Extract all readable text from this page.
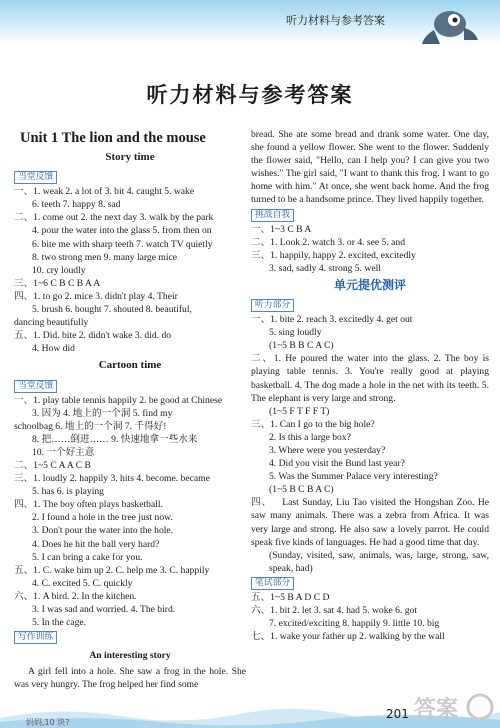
听力材料与参考答案
听力材料与参考答案
Unit 1 The lion and the mouse
Story time
当堂反馈
一、1. weak 2. a lot of 3. bit 4. caught 5. wake
6. teeth 7. happy 8. sad
二、1. come out 2. the next day 3. walk by the park
4. pour the water into the glass 5. from then on
6. bite me with sharp teeth 7. watch TV quietly
8. two strong men 9. many large mice
10. cry loudly
三、1~6 C B C B A A
四、1. to go 2. mice 3. didn't play 4. Their
5. brush 6. bought 7. shouted 8. beautiful,
dancing beautifully
五、1. Did. bite 2. didn't wake 3. did. do
4. How did
Cartoon time
当堂反馈
一、1. play table tennis happily 2. be good at Chinese
3. 因为 4. 地上的一个洞 5. find my
schoolbag 6. 地上的一个洞 7. 千得好!
8. 把……倒进…… 9. 快速地拿一些水来
10. 一个好主意
二、1~5 C A A C B
三、1. loudly 2. happily 3. hits 4. become. became
5. has 6. is playing
四、1. The boy often plays basketball.
2. I found a hole in the tree just now.
3. Don't pour the water into the hole.
4. Does he hit the ball very hard?
5. I can bring a cake for you.
五、1. C. wake him up 2. C. help me 3. C. happily
4. C. excited 5. C. quickly
六、1. A bird. 2. In the kitchen.
3. I was sad and worried. 4. The bird.
5. In the cage.
写作训练
An interesting story
A girl fell into a hole. She saw a frog in the hole. She was very hungry. The frog helped her find some
bread. She ate some bread and drank some water. One day, she found a yellow flower. She went to the flower. Suddenly the flower said, "Hello, can I help you? I can give you two wishes." The girl said, "I want to thank this frog. I want to go home with him." At once, she went back home. And the frog turned to be a handsome prince. They lived happily together.
挑战自我
一、1~3 C B A
二、1. Look 2. watch 3. or 4. see 5. and
三、1. happily, happy 2. excited, excitedly
3. sad, sadly 4. strong 5. well
单元提优测评
听力部分
一、1. bite 2. reach 3. excitedly 4. get out
5. sing loudly
(1~5 B B C A C)
二、1. He poured the water into the glass. 2. The boy is playing table tennis. 3. You're really good at playing basketball. 4. The dog made a hole in the net with its teeth. 5. The elephant is very large and strong.
(1~5 F T F F T)
三、1. Can I go to the big hole?
2. Is this a large box?
3. Where were you yesterday?
4. Did you visit the Bund last year?
5. Was the Summer Palace very interesting?
(1~5 B C B A C)
四、 Last Sunday, Liu Tao visited the Hongshan Zoo. He saw many animals. There was a zebra from Africa. It was very large and strong. He also saw a lovely parrot. He could speak five kinds of languages. He had a good time that day.
(Sunday, visited, saw, animals, was, large, strong, saw, speak, had)
笔试部分
五、1~5 B A D C D
六、1. bit 2. let 3. sat 4. had 5. woke 6. got
7. excited/exciting 8. happily 9. little 10. big
七、1. wake your father up 2. walking by the wall
妈妈,10 块?
201 答案
